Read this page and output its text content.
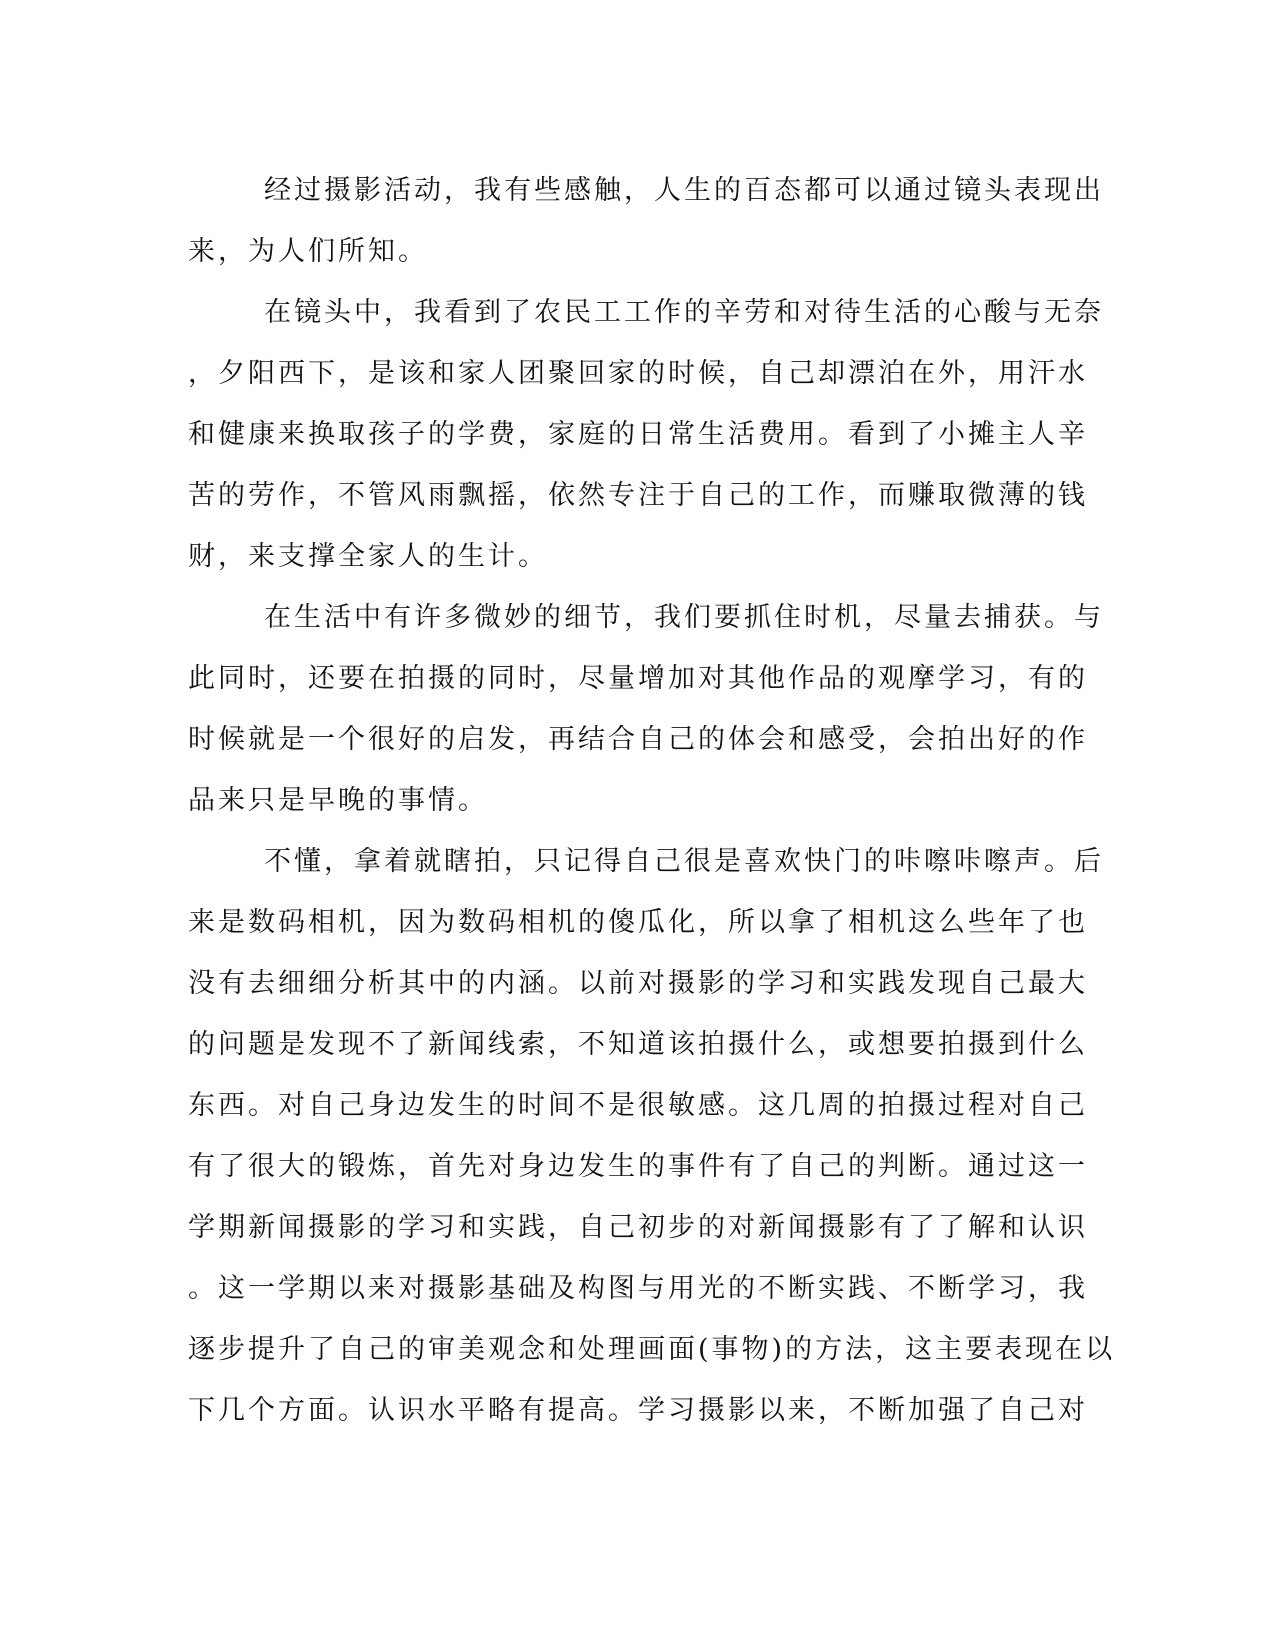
经过摄影活动，我有些感触，人生的百态都可以通过镜头表现出
来，为人们所知。
在镜头中，我看到了农民工工作的辛劳和对待生活的心酸与无奈
，夕阳西下，是该和家人团聚回家的时候，自己却漂泊在外，用汗水
和健康来换取孩子的学费，家庭的日常生活费用。看到了小摊主人辛
苦的劳作，不管风雨飘摇，依然专注于自己的工作，而赚取微薄的钱
财，来支撑全家人的生计。
在生活中有许多微妙的细节，我们要抓住时机，尽量去捕获。与
此同时，还要在拍摄的同时，尽量增加对其他作品的观摩学习，有的
时候就是一个很好的启发，再结合自己的体会和感受，会拍出好的作
品来只是早晚的事情。
不懂，拿着就瞎拍，只记得自己很是喜欢快门的咔嚓咔嚓声。后
来是数码相机，因为数码相机的傻瓜化，所以拿了相机这么些年了也
没有去细细分析其中的内涵。以前对摄影的学习和实践发现自己最大
的问题是发现不了新闻线索，不知道该拍摄什么，或想要拍摄到什么
东西。对自己身边发生的时间不是很敏感。这几周的拍摄过程对自己
有了很大的锻炼，首先对身边发生的事件有了自己的判断。通过这一
学期新闻摄影的学习和实践，自己初步的对新闻摄影有了了解和认识
。这一学期以来对摄影基础及构图与用光的不断实践、不断学习，我
逐步提升了自己的审美观念和处理画面(事物)的方法，这主要表现在以
下几个方面。认识水平略有提高。学习摄影以来，不断加强了自己对
